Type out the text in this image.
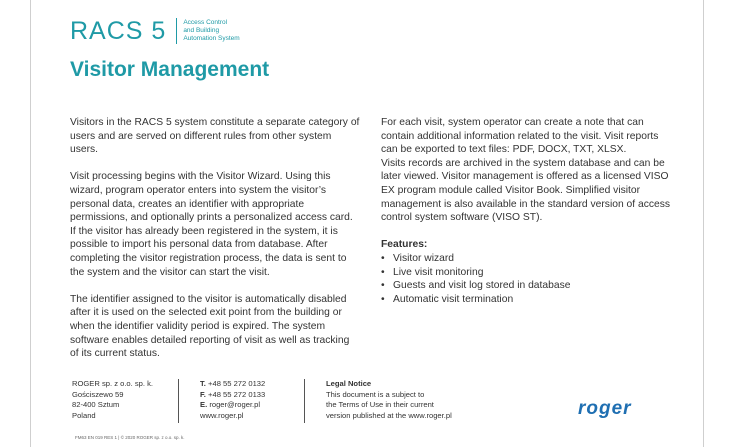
RACS 5	Access Control
and Building
Automation System
Visitor Management

Visitors in the RACS 5 system constitute a separate category of users and are served on different rules from other system users.

Visit processing begins with the Visitor Wizard. Using this wizard, program operator enters into system the visitor’s personal data, creates an identifier with appropriate permissions, and optionally prints a personalized access card. If the visitor has already been registered in the system, it is possible to import his personal data from database. After completing the visitor registration process, the data is sent to the system and the visitor can start the visit.

The identifier assigned to the visitor is automatically disabled after it is used on the selected exit point from the building or when the identifier validity period is expired. The system software enables detailed reporting of visit as well as tracking of its current status.

For each visit, system operator can create a note that can contain additional information related to the visit. Visit reports can be exported to text files: PDF, DOCX, TXT, XLSX.

Visits records are archived in the system database and can be later viewed. Visitor management is offered as a licensed VISO EX program module called Visitor Book. Simplified visitor management is also available in the standard version of access control system software (VISO ST).

Features:
• Visitor wizard
• Live visit monitoring
• Guests and visit log stored in database
• Automatic visit termination
ROGER sp. z o.o. sp. k.
Gościszewo 59
82-400 Sztum
Poland
T. +48 55 272 0132
F. +48 55 272 0133
E. roger@roger.pl
www.roger.pl
Legal Notice
This document is a subject to
the Terms of Use in their current
version published at the www.roger.pl	roger
FM63 EN 019 RES 1 | © 2020 ROGER sp. z o.o. sp. k.
